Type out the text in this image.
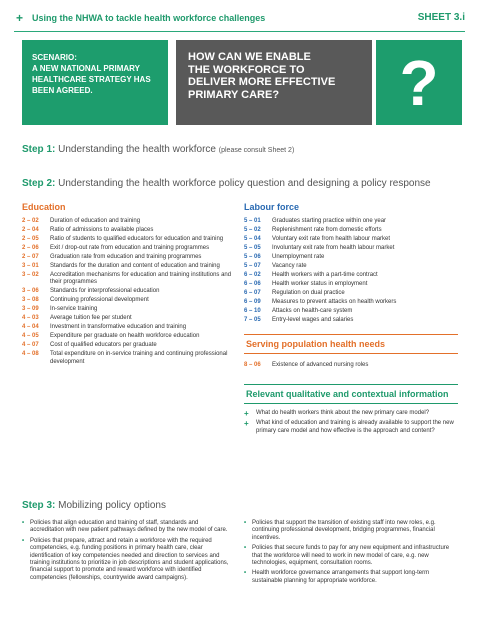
+ Using the NHWA to tackle health workforce challenges	SHEET 3.i
SCENARIO:
A NEW NATIONAL PRIMARY
HEALTHCARE STRATEGY HAS
BEEN AGREED.
HOW CAN WE ENABLE
THE WORKFORCE TO
DELIVER MORE EFFECTIVE
PRIMARY CARE?	?
Step 1: Understanding the health workforce (please consult Sheet 2)
Step 2: Understanding the health workforce policy question and designing a policy response
Education
2 – 02	Duration of education and training
2 – 04	Ratio of admissions to available places
2 – 05	Ratio of students to qualified educators for education and training
2 – 06	Exit / drop-out rate from education and training programmes
2 – 07	Graduation rate from education and training programmes
3 – 01	Standards for the duration and content of education and training
3 – 02	Accreditation mechanisms for education and training institutions and their programmes
3 – 06	Standards for interprofessional education
3 – 08	Continuing professional development
3 – 09	In-service training
4 – 03	Average tuition fee per student
4 – 04	Investment in transformative education and training
4 – 05	Expenditure per graduate on health workforce education
4 – 07	Cost of qualified educators per graduate
4 – 08	Total expenditure on in-service training and continuing professional development
Labour force
5 – 01	Graduates starting practice within one year
5 – 02	Replenishment rate from domestic efforts
5 – 04	Voluntary exit rate from health labour market
5 – 05	Involuntary exit rate from health labour market
5 – 06	Unemployment rate
5 – 07	Vacancy rate
6 – 02	Health workers with a part-time contract
6 – 06	Health worker status in employment
6 – 07	Regulation on dual practice
6 – 09	Measures to prevent attacks on health workers
6 – 10	Attacks on health-care system
7 – 05	Entry-level wages and salaries
Serving population health needs
8 – 06	Existence of advanced nursing roles
Relevant qualitative and contextual information
+	What do health workers think about the new primary care model?
+	What kind of education and training is already available to support the new primary care model and how effective is the approach and content?
Step 3: Mobilizing policy options
• Policies that align education and training of staff, standards and accreditation with new patient pathways defined by the new model of care.
• Policies that prepare, attract and retain a workforce with the required competencies, e.g. funding positions in primary health care, clear identification of key competencies needed and direction to services and training institutions to prioritize in job descriptions and student applications, financial support to promote and reward workforce with identified competencies (fellowships, countrywide award campaigns).
• Policies that support the transition of existing staff into new roles, e.g. continuing professional development, bridging programmes, financial incentives.
• Policies that secure funds to pay for any new equipment and infrastructure that the workforce will need to work in new model of care, e.g. new technologies, equipment, consultation rooms.
• Health workforce governance arrangements that support long-term sustainable planning for appropriate workforce.
